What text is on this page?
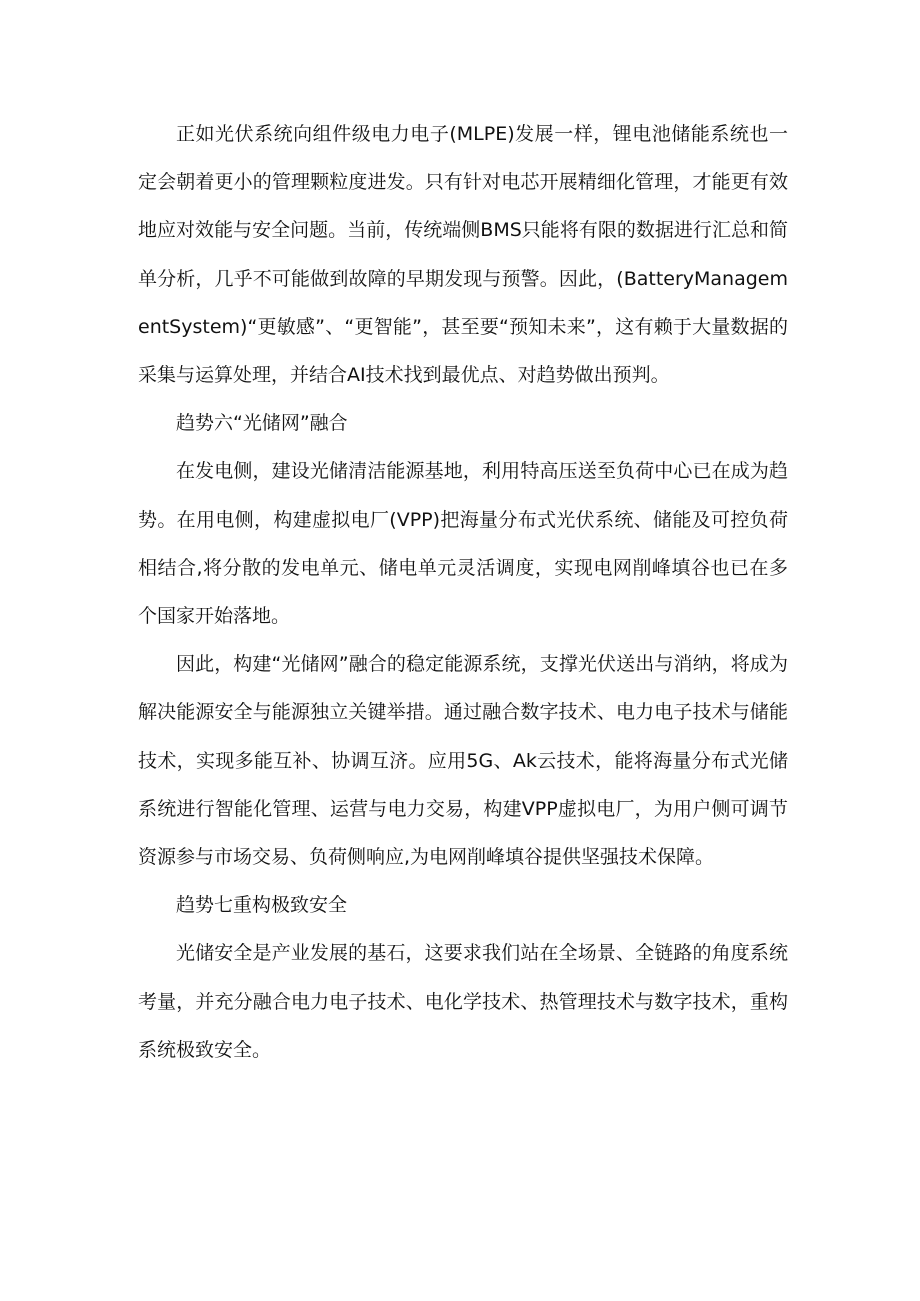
正如光伏系统向组件级电力电子(MLPE)发展一样，锂电池储能系统也一定会朝着更小的管理颗粒度进发。只有针对电芯开展精细化管理，才能更有效地应对效能与安全问题。当前，传统端侧BMS只能将有限的数据进行汇总和简单分析，几乎不可能做到故障的早期发现与预警。因此，(BatteryManagementSystem)“更敏感”、“更智能”，甚至要“预知未来”，这有赖于大量数据的采集与运算处理，并结合AI技术找到最优点、对趋势做出预判。

趋势六“光储网”融合

在发电侧，建设光储清洁能源基地，利用特高压送至负荷中心已在成为趋势。在用电侧，构建虚拟电厂(VPP)把海量分布式光伏系统、储能及可控负荷相结合,将分散的发电单元、储电单元灵活调度，实现电网削峰填谷也已在多个国家开始落地。

因此，构建“光储网”融合的稳定能源系统，支撑光伏送出与消纳，将成为解决能源安全与能源独立关键举措。通过融合数字技术、电力电子技术与储能技术，实现多能互补、协调互济。应用5G、Ak云技术，能将海量分布式光储系统进行智能化管理、运营与电力交易，构建VPP虚拟电厂，为用户侧可调节资源参与市场交易、负荷侧响应,为电网削峰填谷提供坚强技术保障。

趋势七重构极致安全

光储安全是产业发展的基石，这要求我们站在全场景、全链路的角度系统考量，并充分融合电力电子技术、电化学技术、热管理技术与数字技术，重构系统极致安全。
